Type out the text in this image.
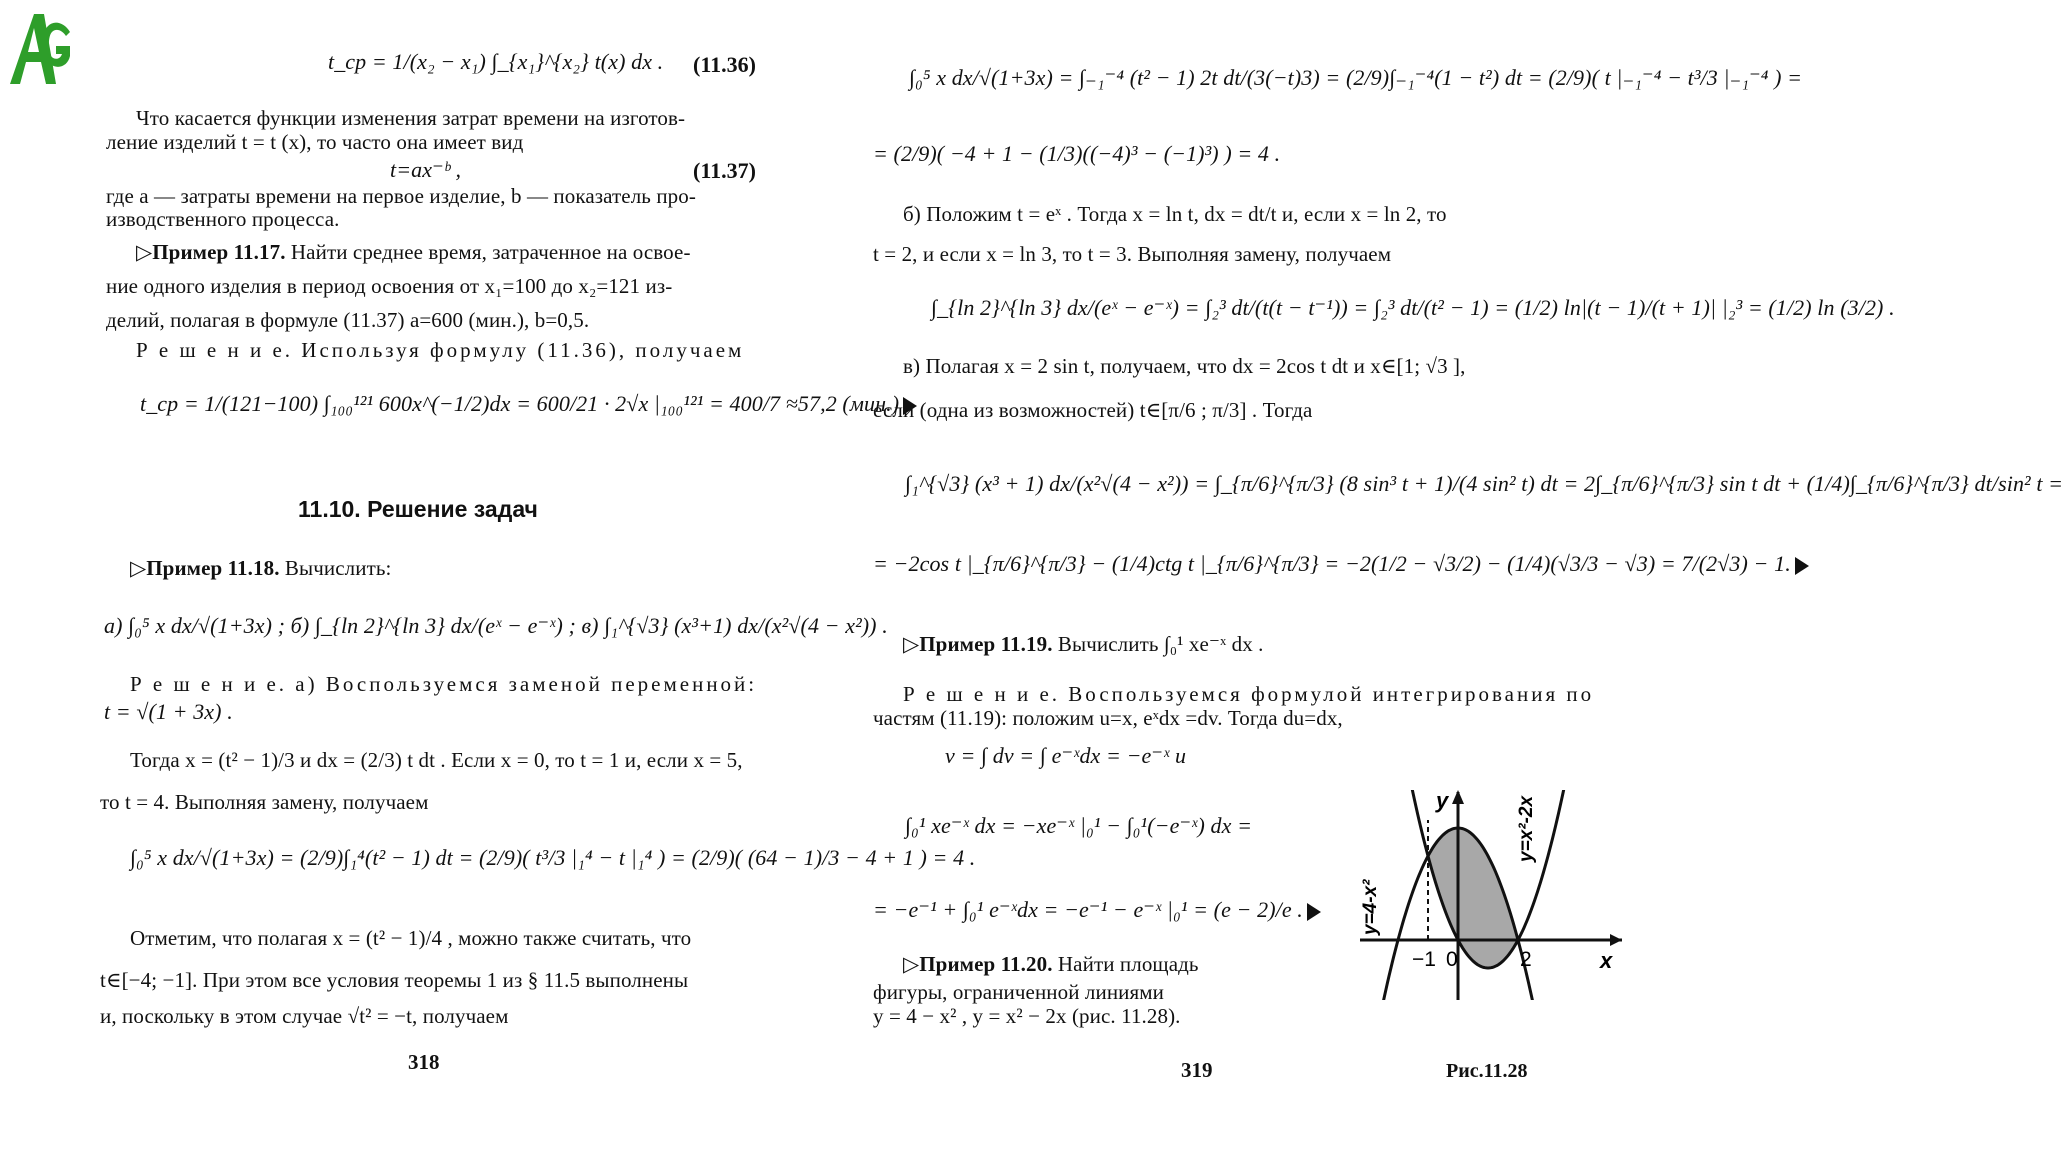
t_ср = 1/(x₂ − x₁) ∫_{x₁}^{x₂} t(x) dx . (11.36)
Что касается функции изменения затрат времени на изготов-
ление изделий t = t (x), то часто она имеет вид
t=ax⁻ᵇ ,	(11.37)
где a — затраты времени на первое изделие, b — показатель про-
изводственного процесса.
▷Пример 11.17. Найти среднее время, затраченное на освое-
ние одного изделия в период освоения от x₁=100 до x₂=121 из-
делий, полагая в формуле (11.37) a=600 (мин.), b=0,5.
Р е ш е н и е. Используя формулу (11.36), получаем
t_ср = 1/(121−100) ∫₁₀₀¹²¹ 600x^(−1/2)dx = 600/21 · 2√x |₁₀₀¹²¹ = 400/7 ≈57,2 (мин.)
11.10. Решение задач
▷Пример 11.18. Вычислить:
а) ∫₀⁵ x dx/√(1+3x) ; б) ∫_{ln 2}^{ln 3} dx/(eˣ − e⁻ˣ) ; в) ∫₁^{√3} (x³+1) dx/(x²√(4 − x²)) .
Р е ш е н и е. а) Воспользуемся заменой переменной:
t = √(1 + 3x) .
Тогда x = (t² − 1)/3 и dx = (2/3) t dt . Если x = 0, то t = 1 и, если x = 5,
то t = 4. Выполняя замену, получаем
∫₀⁵ x dx/√(1+3x) = (2/9)∫₁⁴(t² − 1) dt = (2/9)( t³/3 |₁⁴ − t |₁⁴ ) = (2/9)( (64 − 1)/3 − 4 + 1 ) = 4 .
Отметим, что полагая x = (t² − 1)/4 , можно также считать, что
t∈[−4; −1]. При этом все условия теоремы 1 из § 11.5 выполнены
и, поскольку в этом случае √t² = −t, получаем
318
∫₀⁵ x dx/√(1+3x) = ∫₋₁⁻⁴ (t² − 1) 2t dt/(3(−t)3) = (2/9)∫₋₁⁻⁴(1 − t²) dt = (2/9)( t |₋₁⁻⁴ − t³/3 |₋₁⁻⁴ ) =
= (2/9)( −4 + 1 − (1/3)((−4)³ − (−1)³) ) = 4 .
б) Положим t = eˣ . Тогда x = ln t, dx = dt/t и, если x = ln 2, то
t = 2, и если x = ln 3, то t = 3. Выполняя замену, получаем
∫_{ln 2}^{ln 3} dx/(eˣ − e⁻ˣ) = ∫₂³ dt/(t(t − t⁻¹)) = ∫₂³ dt/(t² − 1) = (1/2) ln|(t − 1)/(t + 1)| |₂³ = (1/2) ln (3/2) .
в) Полагая x = 2 sin t, получаем, что dx = 2cos t dt и x∈[1; √3 ],
если (одна из возможностей) t∈[π/6 ; π/3] . Тогда
∫₁^{√3} (x³ + 1) dx/(x²√(4 − x²)) = ∫_{π/6}^{π/3} (8 sin³ t + 1)/(4 sin² t) dt = 2∫_{π/6}^{π/3} sin t dt + (1/4)∫_{π/6}^{π/3} dt/sin² t =
= −2cos t |_{π/6}^{π/3} − (1/4)ctg t |_{π/6}^{π/3} = −2(1/2 − √3/2) − (1/4)(√3/3 − √3) = 7/(2√3) − 1.
▷Пример 11.19. Вычислить ∫₀¹ xe⁻ˣ dx .
Р е ш е н и е. Воспользуемся формулой интегрирования по
частям (11.19): положим u=x, eˣdx =dv. Тогда du=dx,
v = ∫ dv = ∫ e⁻ˣdx = −e⁻ˣ и
∫₀¹ xe⁻ˣ dx = −xe⁻ˣ |₀¹ − ∫₀¹(−e⁻ˣ) dx =
= −e⁻¹ + ∫₀¹ e⁻ˣdx = −e⁻¹ − e⁻ˣ |₀¹ = (e − 2)/e .
▷Пример 11.20. Найти площадь
фигуры, ограниченной линиями
y = 4 − x² , y = x² − 2x (рис. 11.28).
319
y
x
−1 0	2
y=4-x²
y=x²-2x
Рис.11.28
